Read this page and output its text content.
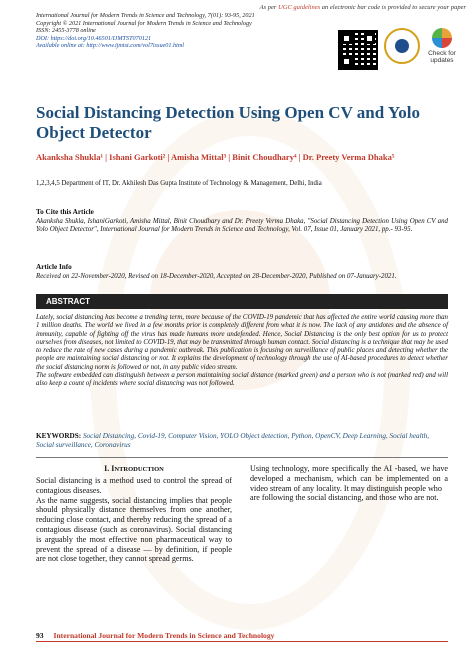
As per UGC guidelines an electronic bar code is provided to secure your paper
International Journal for Modern Trends in Science and Technology, 7(01): 93-95, 2021
Copyright © 2021 International Journal for Modern Trends in Science and Technology
ISSN: 2455-3778 online
DOI: https://doi.org/10.46501/IJMTST070121
Available online at: http://www.ijmtst.com/vol7issue01.html
Check for updates
Social Distancing Detection Using Open CV and Yolo Object Detector
Akanksha Shukla¹ | Ishani Garkoti² | Amisha Mittal³ | Binit Choudhary⁴ | Dr. Preety Verma Dhaka⁵
1,2,3,4,5 Department of IT, Dr. Akhilesh Das Gupta Institute of Technology & Management, Delhi, India
To Cite this Article
Akanksha Shukla, IshaniGarkoti, Amisha Mittal, Binit Choudhary and Dr. Preety Verma Dhaka, "Social Distancing Detection Using Open CV and Yolo Object Detector", International Journal for Modern Trends in Science and Technology, Vol. 07, Issue 01, January 2021, pp.- 93-95.
Article Info
Received on 22-November-2020, Revised on 18-December-2020, Accepted on 28-December-2020, Published on 07-January-2021.
ABSTRACT

Lately, social distancing has become a trending term, more because of the COVID-19 pandemic that has affected the entire world causing more than 1 million deaths. The world we lived in a few months prior is completely different from what it is now. The lack of any antidotes and the absence of immunity, capable of fighting off the virus has made humans more undefended. Hence, Social Distancing is the only best option for us to protect ourselves from diseases, not limited to COVID-19, that may be transmitted through human contact. Social distancing is a technique that may be used to reduce the rate of new cases during a pandemic outbreak. This publication is focusing on surveillance of public places and detecting whether the people are maintaining social distancing or not. It explains the development of technology through the use of AI-based procedures to detect whether the social distancing norm is followed or not, in any public video stream.

The software embedded can distinguish between a person maintaining social distance (marked green) and a person who is not (marked red) and will also keep a count of incidents where social distancing was not followed.

KEYWORDS: Social Distancing, Covid-19, Computer Vision, YOLO Object detection, Python, OpenCV, Deep Learning, Social health, Social surveillance, Coronavirus
I. INTRODUCTION

Social distancing is a method used to control the spread of contagious diseases.

As the name suggests, social distancing implies that people should physically distance themselves from one another, reducing close contact, and thereby reducing the spread of a contagious disease (such as coronavirus). Social distancing is arguably the most effective non pharmaceutical way to prevent the spread of a disease — by definition, if people are not close together, they cannot spread germs.

Using technology, more specifically the AI -based, we have developed a mechanism, which can be implemented on a video stream of any locality. It may distinguish people who

are following the social distancing, and those who are not.

93 International Journal for Modern Trends in Science and Technology
